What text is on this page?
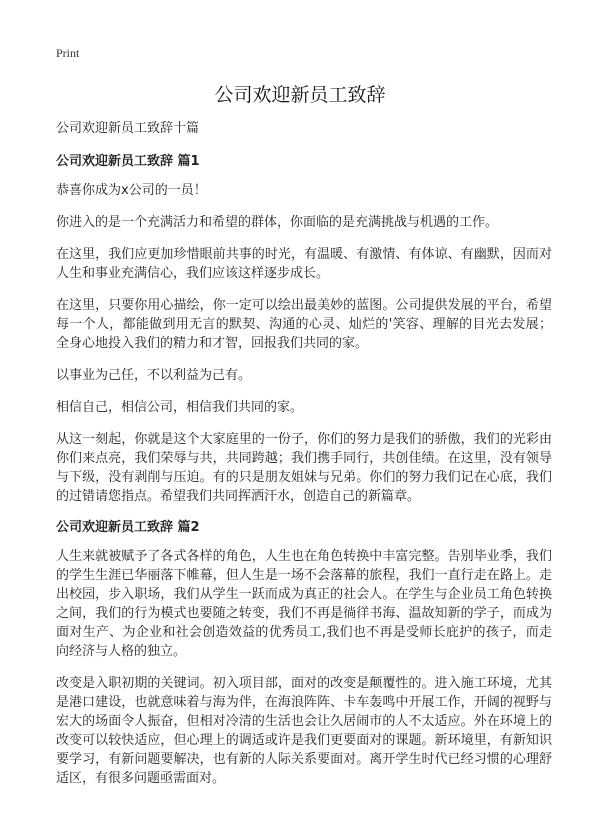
Print
公司欢迎新员工致辞
公司欢迎新员工致辞十篇
公司欢迎新员工致辞 篇1

恭喜你成为x公司的一员！

你进入的是一个充满活力和希望的群体，你面临的是充满挑战与机遇的工作。

在这里，我们应更加珍惜眼前共事的时光，有温暖、有激情、有体谅、有幽默，因而对人生和事业充满信心，我们应该这样逐步成长。

在这里，只要你用心描绘，你一定可以绘出最美妙的蓝图。公司提供发展的平台，希望每一个人，都能做到用无言的默契、沟通的心灵、灿烂的'笑容、理解的目光去发展；全身心地投入我们的精力和才智，回报我们共同的家。

以事业为己任，不以利益为己有。

相信自己，相信公司，相信我们共同的家。

从这一刻起，你就是这个大家庭里的一份子，你们的努力是我们的骄傲，我们的光彩由你们来点亮，我们荣辱与共，共同跨越；我们携手同行，共创佳绩。在这里，没有领导与下级，没有剥削与压迫。有的只是朋友姐妹与兄弟。你们的努力我们记在心底，我们的过错请您指点。希望我们共同挥洒汗水，创造自己的新篇章。

公司欢迎新员工致辞 篇2

人生来就被赋予了各式各样的角色，人生也在角色转换中丰富完整。告别毕业季，我们的学生生涯已华丽落下帷幕，但人生是一场不会落幕的旅程，我们一直行走在路上。走出校园，步入职场，我们从学生一跃而成为真正的社会人。在学生与企业员工角色转换之间，我们的行为模式也要随之转变，我们不再是徜徉书海、温故知新的学子，而成为面对生产、为企业和社会创造效益的优秀员工,我们也不再是受师长庇护的孩子，而走向经济与人格的独立。

改变是入职初期的关键词。初入项目部，面对的改变是颠覆性的。进入施工环境，尤其是港口建设，也就意味着与海为伴，在海浪阵阵、卡车轰鸣中开展工作，开阔的视野与宏大的场面令人振奋，但相对冷清的生活也会让久居闹市的人不太适应。外在环境上的改变可以较快适应，但心理上的调适或许是我们更要面对的课题。新环境里，有新知识要学习，有新问题要解决，也有新的人际关系要面对。离开学生时代已经习惯的心理舒适区，有很多问题亟需面对。
